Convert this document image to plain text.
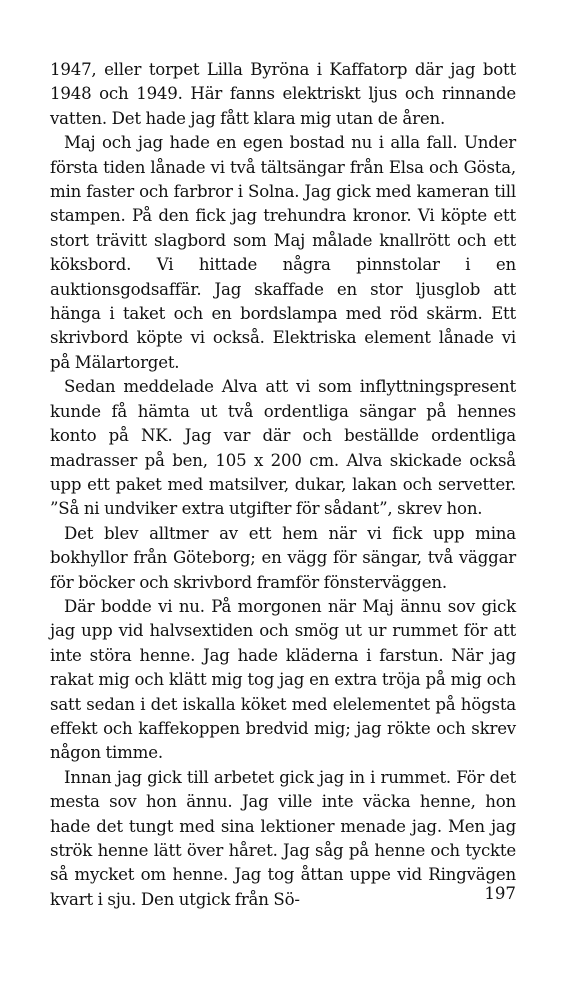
1947, eller torpet Lilla Byröna i Kaffatorp där jag bott 1948 och 1949. Här fanns elektriskt ljus och rinnande vatten. Det hade jag fått klara mig utan de åren.

Maj och jag hade en egen bostad nu i alla fall. Under första tiden lånade vi två tältsängar från Elsa och Gösta, min faster och farbror i Solna. Jag gick med kameran till stampen. På den fick jag trehundra kronor. Vi köpte ett stort trävitt slagbord som Maj målade knallrött och ett köksbord. Vi hittade några pinnstolar i en auktionsgodsaffär. Jag skaffade en stor ljusglob att hänga i taket och en bordslampa med röd skärm. Ett skrivbord köpte vi också. Elektriska element lånade vi på Mälartorget.

Sedan meddelade Alva att vi som inflyttningspresent kunde få hämta ut två ordentliga sängar på hennes konto på NK. Jag var där och beställde ordentliga madrasser på ben, 105 x 200 cm. Alva skickade också upp ett paket med matsilver, dukar, lakan och servetter. ”Så ni undviker extra utgifter för sådant”, skrev hon.

Det blev alltmer av ett hem när vi fick upp mina bokhyllor från Göteborg; en vägg för sängar, två väggar för böcker och skrivbord framför fönsterväggen.

Där bodde vi nu. På morgonen när Maj ännu sov gick jag upp vid halvsextiden och smög ut ur rummet för att inte störa henne. Jag hade kläderna i farstun. När jag rakat mig och klätt mig tog jag en extra tröja på mig och satt sedan i det iskalla köket med elelementet på högsta effekt och kaffekoppen bredvid mig; jag rökte och skrev någon timme.

Innan jag gick till arbetet gick jag in i rummet. För det mesta sov hon ännu. Jag ville inte väcka henne, hon hade det tungt med sina lektioner menade jag. Men jag strök henne lätt över håret. Jag såg på henne och tyckte så mycket om henne. Jag tog åttan uppe vid Ringvägen kvart i sju. Den utgick från Sö-	197
